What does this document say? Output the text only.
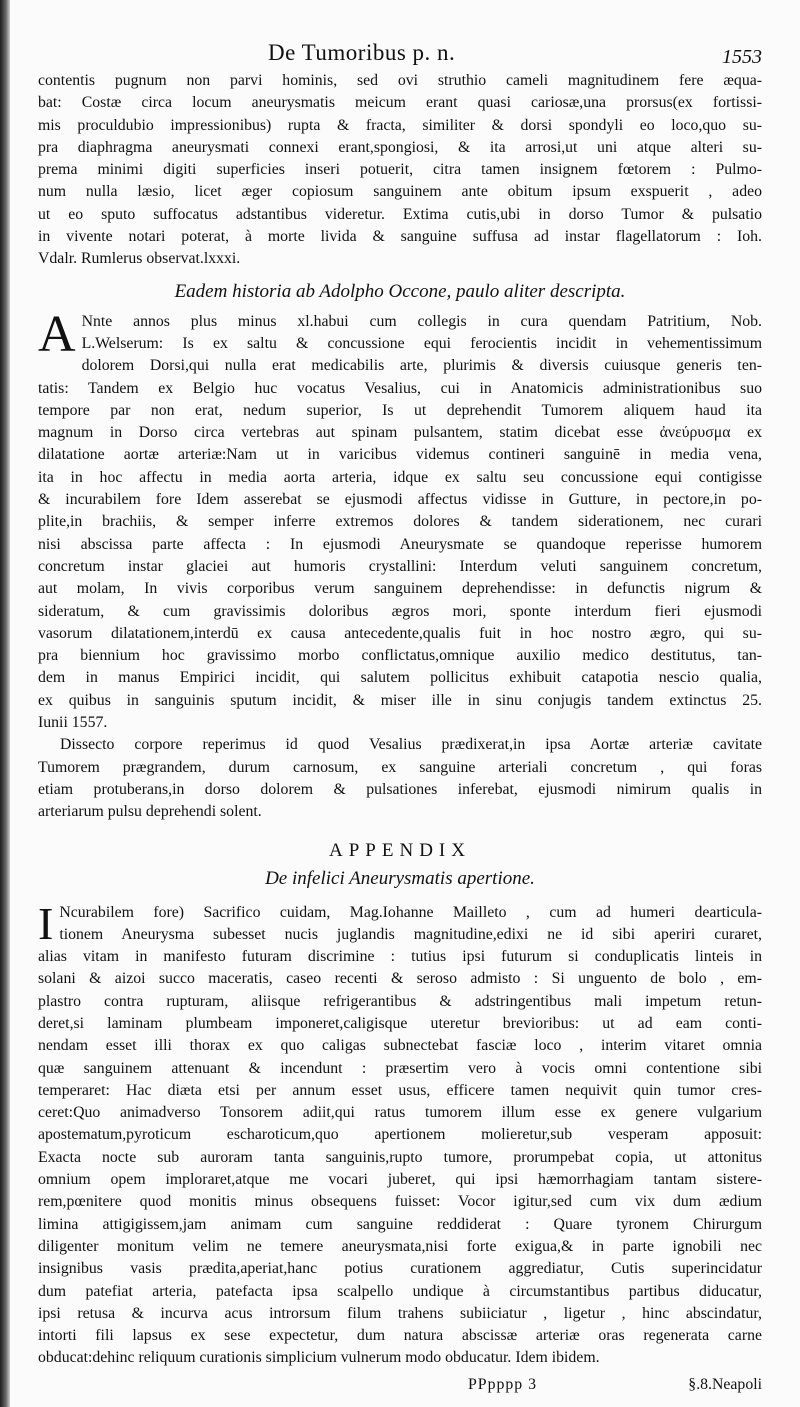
De Tumoribus p. n.	1553
contentis pugnum non parvi hominis, sed ovi struthio cameli magnitudinem fere æqua-
bat: Costæ circa locum aneurysmatis meicum erant quasi cariosæ,una prorsus(ex fortissi-
mis proculdubio impressionibus) rupta & fracta, similiter & dorsi spondyli eo loco,quo su-
pra diaphragma aneurysmati connexi erant,spongiosi, & ita arrosi,ut uni atque alteri su-
prema minimi digiti superficies inseri potuerit, citra tamen insignem fœtorem : Pulmo-
num nulla læsio, licet æger copiosum sanguinem ante obitum ipsum exspuerit , adeo
ut eo sputo suffocatus adstantibus videretur. Extima cutis,ubi in dorso Tumor & pulsatio
in vivente notari poterat, à morte livida & sanguine suffusa ad instar flagellatorum : Ioh.
Vdalr. Rumlerus observat.lxxxi.
Eadem historia ab Adolpho Occone, paulo aliter descripta.
A Nnte annos plus minus xl.habui cum collegis in cura quendam Patritium, Nob.
L.Welserum: Is ex saltu & concussione equi ferocientis incidit in vehementissimum
dolorem Dorsi,qui nulla erat medicabilis arte, plurimis & diversis cuiusque generis ten-
tatis: Tandem ex Belgio huc vocatus Vesalius, cui in Anatomicis administrationibus suo
tempore par non erat, nedum superior, Is ut deprehendit Tumorem aliquem haud ita
magnum in Dorso circa vertebras aut spinam pulsantem, statim dicebat esse ἀνεύρυσμα ex
dilatatione aortæ arteriæ:Nam ut in varicibus videmus contineri sanguinē in media vena,
ita in hoc affectu in media aorta arteria, idque ex saltu seu concussione equi contigisse
& incurabilem fore Idem asserebat se ejusmodi affectus vidisse in Gutture, in pectore,in po-
plite,in brachiis, & semper inferre extremos dolores & tandem siderationem, nec curari
nisi abscissa parte affecta : In ejusmodi Aneurysmate se quandoque reperisse humorem
concretum instar glaciei aut humoris crystallini: Interdum veluti sanguinem concretum,
aut molam, In vivis corporibus verum sanguinem deprehendisse: in defunctis nigrum &
sideratum, & cum gravissimis doloribus ægros mori, sponte interdum fieri ejusmodi
vasorum dilatationem,interdū ex causa antecedente,qualis fuit in hoc nostro ægro, qui su-
pra biennium hoc gravissimo morbo conflictatus,omnique auxilio medico destitutus, tan-
dem in manus Empirici incidit, qui salutem pollicitus exhibuit catapotia nescio qualia,
ex quibus in sanguinis sputum incidit, & miser ille in sinu conjugis tandem extinctus 25.
Iunii 1557.
Dissecto corpore reperimus id quod Vesalius prædixerat,in ipsa Aortæ arteriæ cavitate
Tumorem prægrandem, durum carnosum, ex sanguine arteriali concretum , qui foras
etiam protuberans,in dorso dolorem & pulsationes inferebat, ejusmodi nimirum qualis in
arteriarum pulsu deprehendi solent.
APPENDIX
De infelici Aneurysmatis apertione.
I Ncurabilem fore) Sacrifico cuidam, Mag.Iohanne Mailleto , cum ad humeri dearticula-
tionem Aneurysma subesset nucis juglandis magnitudine,edixi ne id sibi aperiri curaret,
alias vitam in manifesto futuram discrimine : tutius ipsi futurum si conduplicatis linteis in
solani & aizoi succo maceratis, caseo recenti & seroso admisto : Si unguento de bolo , em-
plastro contra rupturam, aliisque refrigerantibus & adstringentibus mali impetum retun-
deret,si laminam plumbeam imponeret,caligisque uteretur brevioribus: ut ad eam conti-
nendam esset illi thorax ex quo caligas subnectebat fasciæ loco , interim vitaret omnia
quæ sanguinem attenuant & incendunt : præsertim vero à vocis omni contentione sibi
temperaret: Hac diæta etsi per annum esset usus, efficere tamen nequivit quin tumor cres-
ceret:Quo animadverso Tonsorem adiit,qui ratus tumorem illum esse ex genere vulgarium
apostematum,pyroticum escharoticum,quo apertionem molieretur,sub vesperam apposuit:
Exacta nocte sub auroram tanta sanguinis,rupto tumore, prorumpebat copia, ut attonitus
omnium opem imploraret,atque me vocari juberet, qui ipsi hæmorrhagiam tantam sistere-
rem,pœnitere quod monitis minus obsequens fuisset: Vocor igitur,sed cum vix dum ædium
limina attigigissem,jam animam cum sanguine reddiderat : Quare tyronem Chirurgum
diligenter monitum velim ne temere aneurysmata,nisi forte exigua,& in parte ignobili nec
insignibus vasis prædita,aperiat,hanc potius curationem aggrediatur, Cutis superincidatur
dum patefiat arteria, patefacta ipsa scalpello undique à circumstantibus partibus diducatur,
ipsi retusa & incurva acus introrsum filum trahens subiiciatur , ligetur , hinc abscindatur,
intorti fili lapsus ex sese expectetur, dum natura abscissæ arteriæ oras regenerata carne
obducat:dehinc reliquum curationis simplicium vulnerum modo obducatur. Idem ibidem.
PPpppp 3	§.8.Neapoli
